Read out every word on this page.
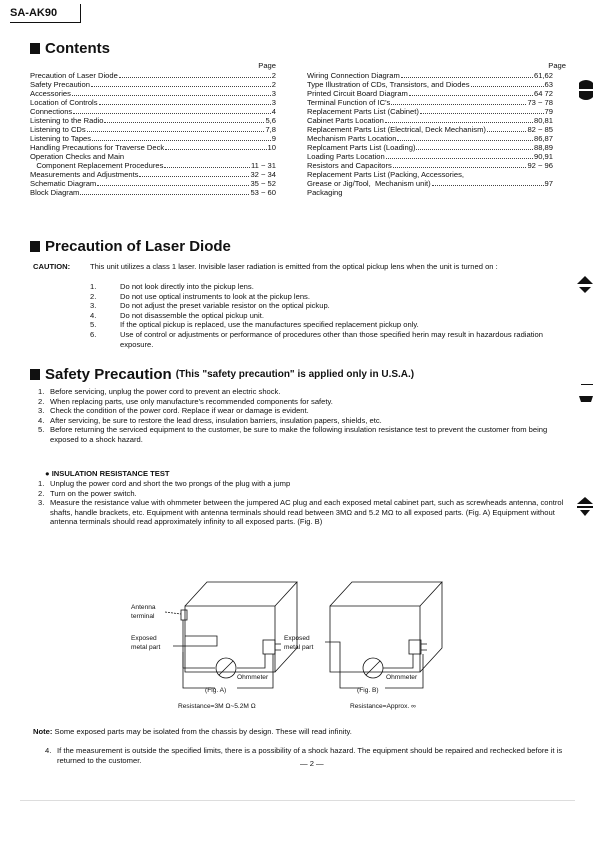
SA-AK90
Contents
Page	Page
Precaution of Laser Diode	2
Safety Precaution	2
Accessories	3
Location of Controls	3
Connections	4
Listening to the Radio	5,6
Listening to CDs	7,8
Listening to Tapes	9
Handling Precautions for Traverse Deck	10
Operation Checks and Main
Component Replacement Procedures	11 ~ 31
Measurements and Adjustments	32 ~ 34
Schematic Diagram	35 ~ 52
Block Diagram	53 ~ 60
Wiring Connection Diagram	61,62
Type Illustration of CDs, Transistors, and Diodes	63
Printed Circuit Board Diagram	64 72
Terminal Function of IC's	73 ~ 78
Replacement Parts List (Cabinet)	79
Cabinet Parts Location	80,81
Replacement Parts List (Electrical, Deck Mechanism)	82 ~ 85
Mechanism Parts Location	86,87
Replcament Parts List (Loading)	88,89
Loading Parts Location	90,91
Resistors and Capacitors	92 ~ 96
Replacement Parts List (Packing, Accessories,
Grease or Jig/Tool,  Mechanism unit)	97
Packaging
Precaution of Laser Diode
CAUTION:	This unit utilizes a class 1 laser. Invisible laser radiation is emitted from the optical pickup lens when the unit is turned on :
1.	Do not look directly into the pickup lens.
2.	Do not use optical instruments to look at the pickup lens.
3.	Do not adjust the preset variable resistor on the optical pickup.
4.	Do not disassemble the optical pickup unit.
5.	If the optical pickup is replaced, use the manufactures specified replacement pickup only.
6.	Use of control or adjustments or performance of procedures other than those specified herin may result in hazardous radiation exposure.
Safety Precaution (This "safety precaution" is applied only in U.S.A.)
1. Before servicing, unplug the power cord to prevent an electric shock.
2. When replacing parts, use only manufacture's recommended components for safety.
3. Check the condition of the power cord. Replace if wear or damage is evident.
4. After servicing, be sure to restore the lead dress, insulation barriers, insulation papers, shields, etc.
5. Before returning the serviced equipment to the customer, be sure to make the following insulation resistance test to prevent the customer from being exposed to a shock hazard.
● INSULATION RESISTANCE TEST
1. Unplug the power cord and short the two prongs of the plug with a jump
2. Turn on the power switch.
3. Measure the resistance value with ohmmeter between the jumpered AC plug and each exposed metal cabinet part, such as screwheads antenna, control shafts, handle brackets, etc. Equipment with antenna terminals should read between 3MΩ and 5.2 MΩ to all exposed parts. (Fig. A) Equipment without antenna terminals should read approximately infinity to all exposed parts. (Fig. B)
Antenna
terminal
Exposed
metal part
Ohmmeter
(Fig. A)
Resistance=3M Ω~5.2M Ω
Exposed
metal part
Ohmmeter
(Fig. B)
Resistance=Approx. ∞
Note: Some exposed parts may be isolated from the chassis by design. These will read infinity.
4. If the measurement is outside the specified limits, there is a possibility of a shock hazard. The equipment should be repaired and rechecked before it is returned to the customer.	— 2 —
